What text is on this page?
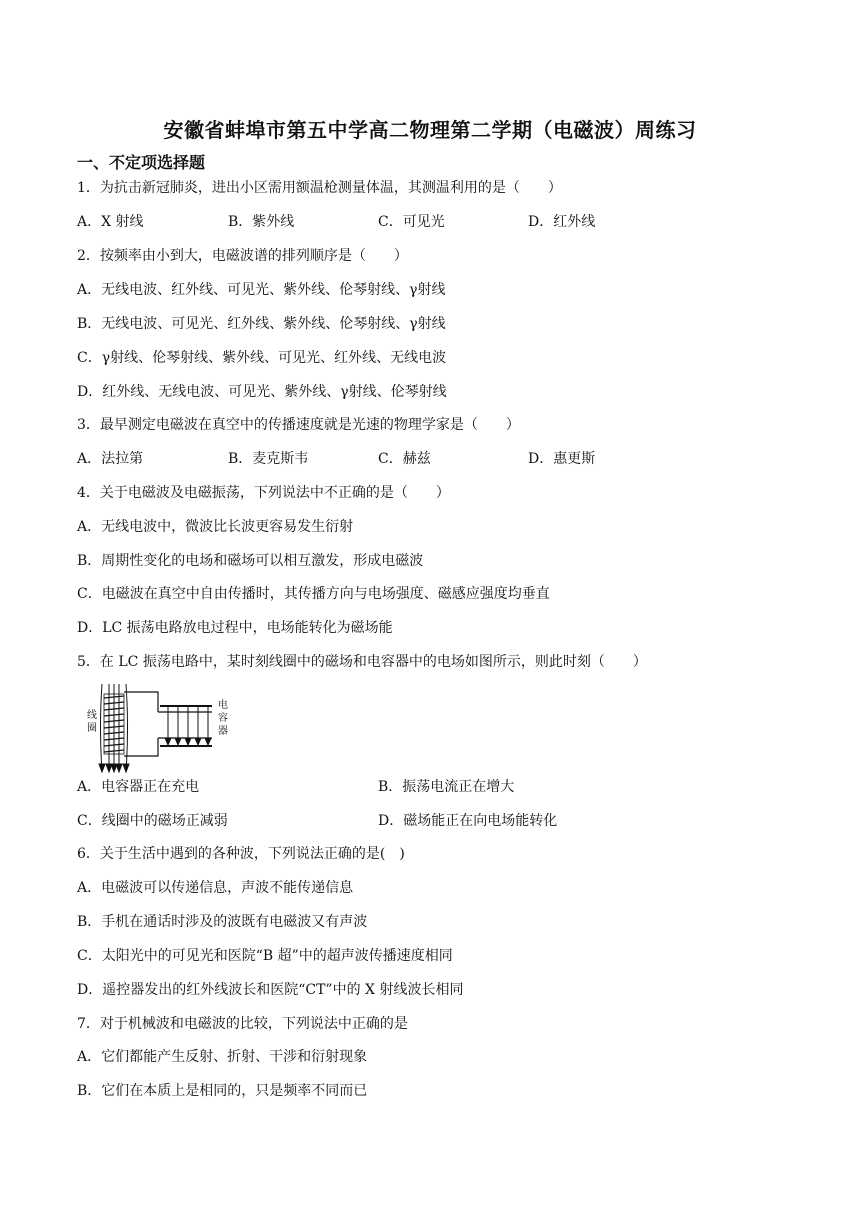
安徽省蚌埠市第五中学高二物理第二学期（电磁波）周练习
一、不定项选择题
1．为抗击新冠肺炎，进出小区需用额温枪测量体温，其测温利用的是（　　）
A．X 射线	B．紫外线	C．可见光	D．红外线
2．按频率由小到大，电磁波谱的排列顺序是（　　）
A．无线电波、红外线、可见光、紫外线、伦琴射线、γ射线
B．无线电波、可见光、红外线、紫外线、伦琴射线、γ射线
C．γ射线、伦琴射线、紫外线、可见光、红外线、无线电波
D．红外线、无线电波、可见光、紫外线、γ射线、伦琴射线
3．最早测定电磁波在真空中的传播速度就是光速的物理学家是（　　）
A．法拉第	B．麦克斯韦	C．赫兹	D．惠更斯
4．关于电磁波及电磁振荡，下列说法中不正确的是（　　）
A．无线电波中，微波比长波更容易发生衍射
B．周期性变化的电场和磁场可以相互激发，形成电磁波
C．电磁波在真空中自由传播时，其传播方向与电场强度、磁感应强度均垂直
D．LC 振荡电路放电过程中，电场能转化为磁场能
5．在 LC 振荡电路中，某时刻线圈中的磁场和电容器中的电场如图所示，则此时刻（　　）
线圈
电容器
A．电容器正在充电	B．振荡电流正在增大
C．线圈中的磁场正减弱	D．磁场能正在向电场能转化
6．关于生活中遇到的各种波，下列说法正确的是(　)
A．电磁波可以传递信息，声波不能传递信息
B．手机在通话时涉及的波既有电磁波又有声波
C．太阳光中的可见光和医院“B 超”中的超声波传播速度相同
D．遥控器发出的红外线波长和医院“CT”中的 X 射线波长相同
7．对于机械波和电磁波的比较，下列说法中正确的是
A．它们都能产生反射、折射、干涉和衍射现象
B．它们在本质上是相同的，只是频率不同而已
